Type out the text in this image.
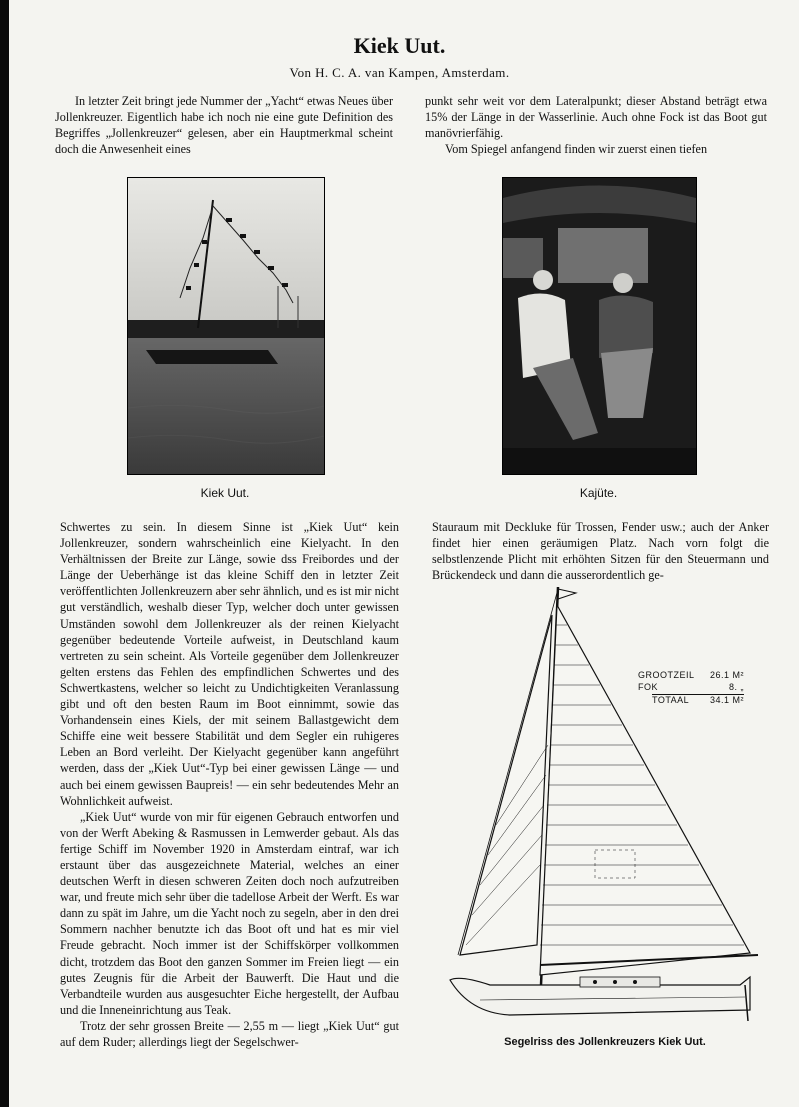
Kiek Uut.
Von H. C. A. van Kampen, Amsterdam.

In letzter Zeit bringt jede Nummer der „Yacht“ etwas Neues über Jollenkreuzer. Eigentlich habe ich noch nie eine gute Definition des Begriffes „Jollenkreuzer“ gelesen, aber ein Hauptmerkmal scheint doch die Anwesenheit eines

punkt sehr weit vor dem Lateralpunkt; dieser Abstand beträgt etwa 15% der Länge in der Wasserlinie. Auch ohne Fock ist das Boot gut manövrierfähig.

Vom Spiegel anfangend finden wir zuerst einen tiefen

Kiek Uut.	Kajüte.

Schwertes zu sein. In diesem Sinne ist „Kiek Uut“ kein Jollenkreuzer, sondern wahrscheinlich eine Kielyacht. In den Verhältnissen der Breite zur Länge, sowie dss Freibordes und der Länge der Ueberhänge ist das kleine Schiff den in letzter Zeit veröffentlichten Jollenkreuzern aber sehr ähnlich, und es ist mir nicht gut verständlich, weshalb dieser Typ, welcher doch unter gewissen Umständen sowohl dem Jollenkreuzer als der reinen Kielyacht gegenüber bedeutende Vorteile aufweist, in Deutschland kaum vertreten zu sein scheint. Als Vorteile gegenüber dem Jollenkreuzer gelten erstens das Fehlen des empfindlichen Schwertes und des Schwertkastens, welcher so leicht zu Undichtigkeiten Veranlassung gibt und oft den besten Raum im Boot einnimmt, sowie das Vorhandensein eines Kiels, der mit seinem Ballastgewicht dem Schiffe eine weit bessere Stabilität und dem Segler ein ruhigeres Leben an Bord verleiht. Der Kielyacht gegenüber kann angeführt werden, dass der „Kiek Uut“-Typ bei einer gewissen Länge — und auch bei einem gewissen Baupreis! — ein sehr bedeutendes Mehr an Wohnlichkeit aufweist.

„Kiek Uut“ wurde von mir für eigenen Gebrauch entworfen und von der Werft Abeking & Rasmussen in Lemwerder gebaut. Als das fertige Schiff im November 1920 in Amsterdam eintraf, war ich erstaunt über das ausgezeichnete Material, welches an einer deutschen Werft in diesen schweren Zeiten doch noch aufzutreiben war, und freute mich sehr über die tadellose Arbeit der Werft. Es war dann zu spät im Jahre, um die Yacht noch zu segeln, aber in den drei Sommern nachher benutzte ich das Boot oft und hat es mir viel Freude gebracht. Noch immer ist der Schiffskörper vollkommen dicht, trotzdem das Boot den ganzen Sommer im Freien liegt — ein gutes Zeugnis für die Arbeit der Bauwerft. Die Haut und die Verbandteile wurden aus ausgesuchter Eiche hergestellt, der Aufbau und die Inneneinrichtung aus Teak.

Trotz der sehr grossen Breite — 2,55 m — liegt „Kiek Uut“ gut auf dem Ruder; allerdings liegt der Segelschwer-

Stauraum mit Deckluke für Trossen, Fender usw.; auch der Anker findet hier einen geräumigen Platz. Nach vorn folgt die selbstlenzende Plicht mit erhöhten Sitzen für den Steuermann und Brückendeck und dann die ausserordentlich ge-

GROOTZEIL 26.1 M²
FOK	8. „
TOTAAL 34.1 M²
Segelriss des Jollenkreuzers Kiek Uut.
